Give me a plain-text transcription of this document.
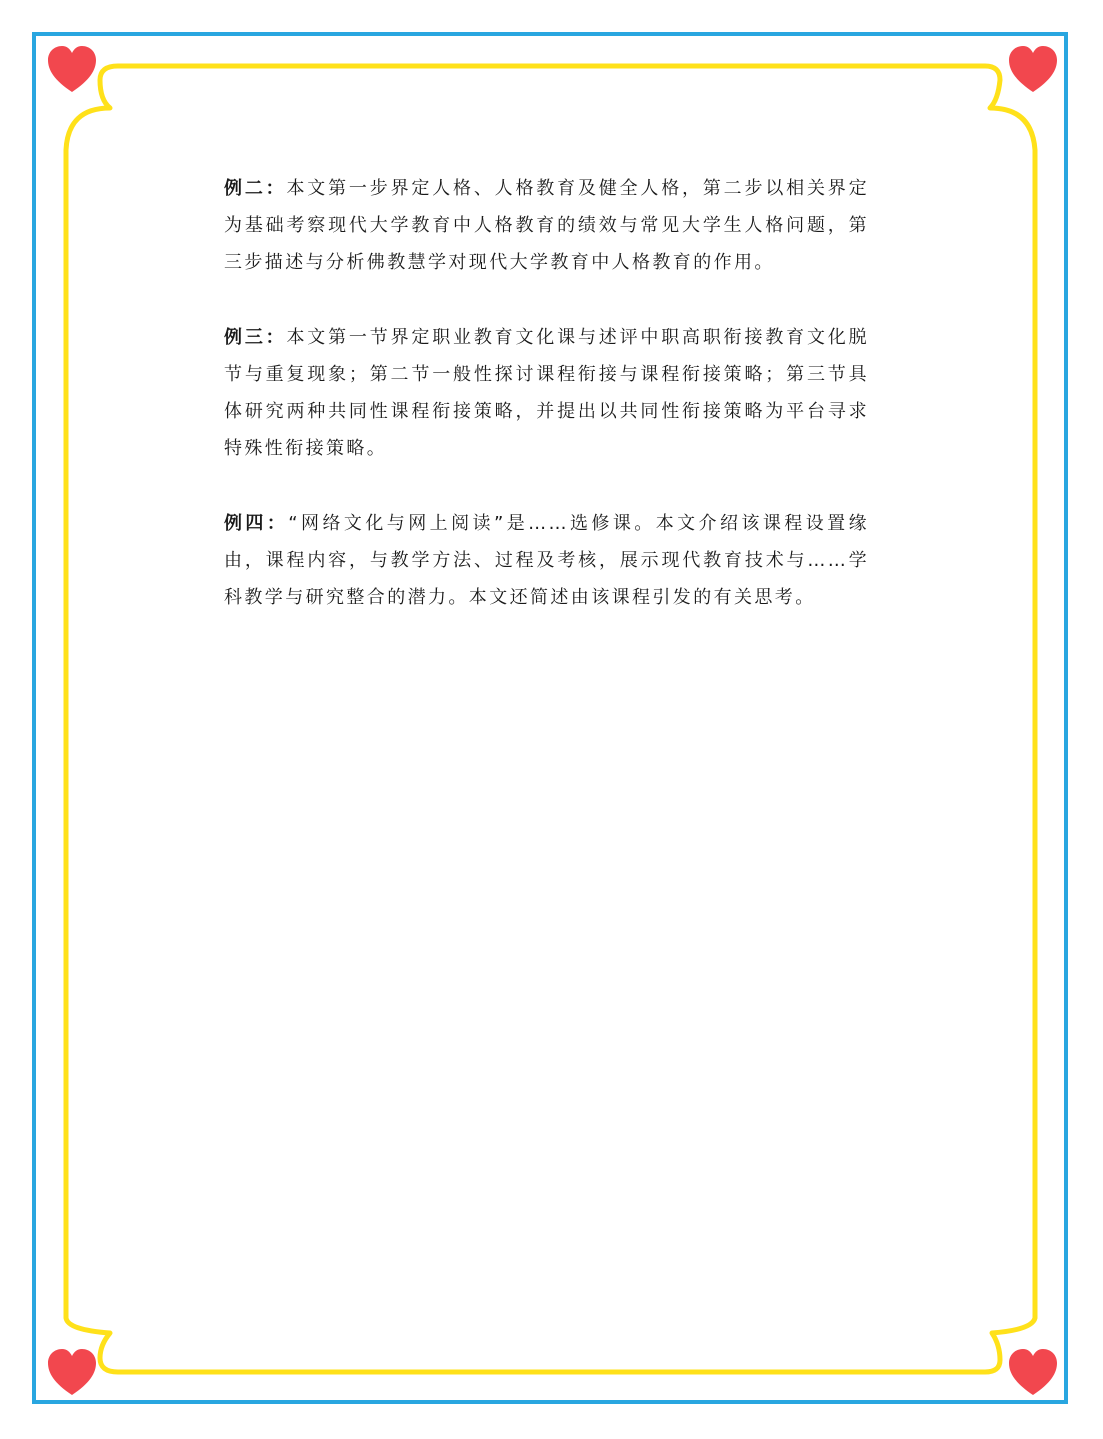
例二：本文第一步界定人格、人格教育及健全人格，第二步以相关界定为基础考察现代大学教育中人格教育的绩效与常见大学生人格问题，第三步描述与分析佛教慧学对现代大学教育中人格教育的作用。

例三：本文第一节界定职业教育文化课与述评中职高职衔接教育文化脱节与重复现象；第二节一般性探讨课程衔接与课程衔接策略；第三节具体研究两种共同性课程衔接策略，并提出以共同性衔接策略为平台寻求特殊性衔接策略。

例四：“网络文化与网上阅读”是……选修课。本文介绍该课程设置缘由，课程内容，与教学方法、过程及考核，展示现代教育技术与……学科教学与研究整合的潜力。本文还简述由该课程引发的有关思考。
